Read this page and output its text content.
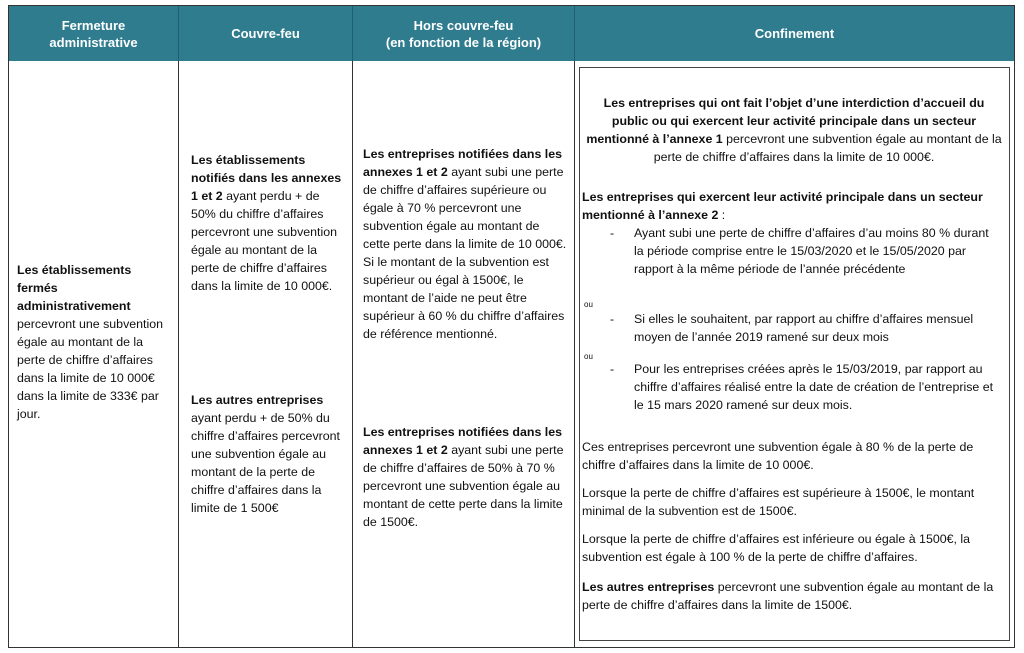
Fermeture
administrative
Couvre-feu
Hors couvre-feu
(en fonction de la région)
Confinement
Les établissements fermés administrativement percevront une subvention égale au montant de la perte de chiffre d’affaires dans la limite de 10 000€ dans la limite de 333€ par jour.
Les établissements notifiés dans les annexes 1 et 2 ayant perdu + de 50% du chiffre d’affaires percevront une subvention égale au montant de la perte de chiffre d’affaires dans la limite de 10 000€.
Les autres entreprises ayant perdu + de 50% du chiffre d’affaires percevront une subvention égale au montant de la perte de chiffre d’affaires dans la limite de 1 500€
Les entreprises notifiées dans les annexes 1 et 2 ayant subi une perte de chiffre d’affaires supérieure ou égale à 70 % percevront une subvention égale au montant de cette perte dans la limite de 10 000€. Si le montant de la subvention est supérieur ou égal à 1500€, le montant de l’aide ne peut être supérieur à 60 % du chiffre d’affaires de référence mentionné.
Les entreprises notifiées dans les annexes 1 et 2 ayant subi une perte de chiffre d’affaires de 50% à 70 % percevront une subvention égale au montant de cette perte dans la limite de 1500€.
Les entreprises qui ont fait l’objet d’une interdiction d’accueil du public ou qui exercent leur activité principale dans un secteur mentionné à l’annexe 1 percevront une subvention égale au montant de la perte de chiffre d’affaires dans la limite de 10 000€.
Les entreprises qui exercent leur activité principale dans un secteur mentionné à l’annexe 2 :
- Ayant subi une perte de chiffre d’affaires d’au moins 80 % durant la période comprise entre le 15/03/2020 et le 15/05/2020 par rapport à la même période de l’année précédente
ou
- Si elles le souhaitent, par rapport au chiffre d’affaires mensuel moyen de l’année 2019 ramené sur deux mois
ou
- Pour les entreprises créées après le 15/03/2019, par rapport au chiffre d’affaires réalisé entre la date de création de l’entreprise et le 15 mars 2020 ramené sur deux mois.
Ces entreprises percevront une subvention égale à 80 % de la perte de chiffre d’affaires dans la limite de 10 000€.
Lorsque la perte de chiffre d’affaires est supérieure à 1500€, le montant minimal de la subvention est de 1500€.
Lorsque la perte de chiffre d’affaires est inférieure ou égale à 1500€, la subvention est égale à 100 % de la perte de chiffre d’affaires.
Les autres entreprises percevront une subvention égale au montant de la perte de chiffre d’affaires dans la limite de 1500€.
